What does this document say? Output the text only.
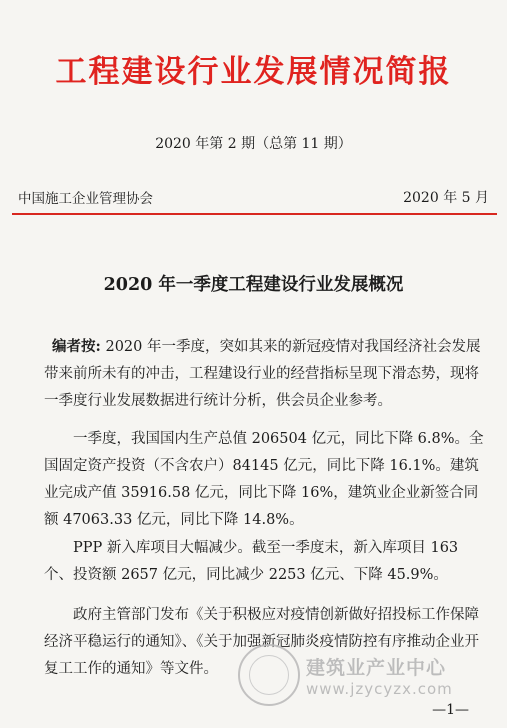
工程建设行业发展情况简报
2020 年第 2 期（总第 11 期）
中国施工企业管理协会	2020 年 5 月
2020 年一季度工程建设行业发展概况

编者按: 2020 年一季度，突如其来的新冠疫情对我国经济社会发展带来前所未有的冲击，工程建设行业的经营指标呈现下滑态势，现将一季度行业发展数据进行统计分析，供会员企业参考。

一季度，我国国内生产总值 206504 亿元，同比下降 6.8%。全国固定资产投资（不含农户）84145 亿元，同比下降 16.1%。建筑业完成产值 35916.58 亿元，同比下降 16%，建筑业企业新签合同额 47063.33 亿元，同比下降 14.8%。

PPP 新入库项目大幅减少。截至一季度末，新入库项目 163 个、投资额 2657 亿元，同比减少 2253 亿元、下降 45.9%。

政府主管部门发布《关于积极应对疫情创新做好招投标工作保障经济平稳运行的通知》、《关于加强新冠肺炎疫情防控有序推动企业开复工工作的通知》等文件。	建筑业产业中心
www.jzycyzx.com
—1—
